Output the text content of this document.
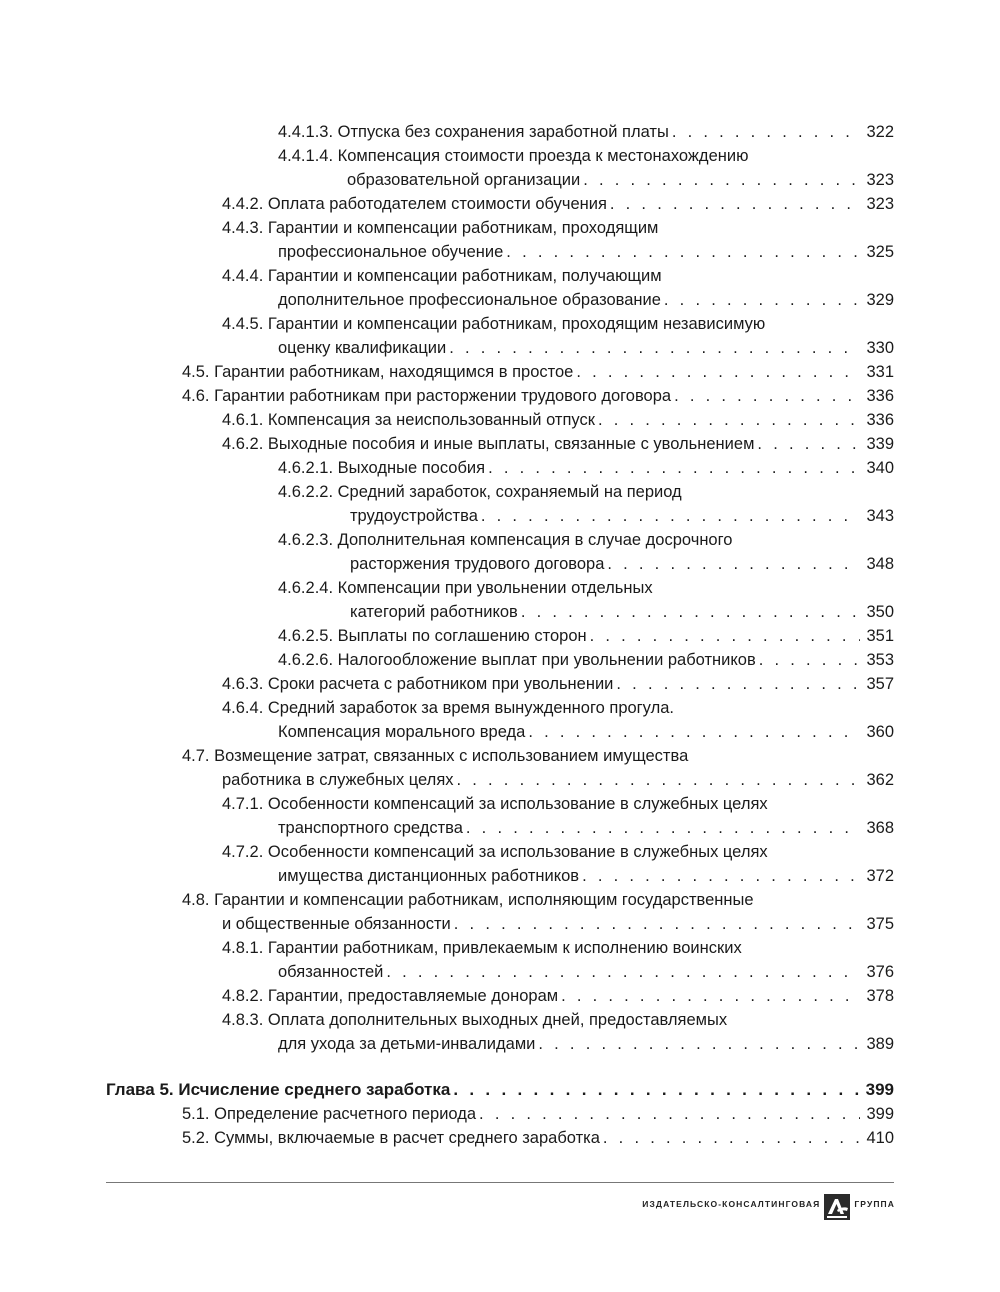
4.4.1.3. Отпуска без сохранения заработной платы . . .	322
4.4.1.4. Компенсация стоимости проезда к местонахождению
образовательной организации . . .	323
4.4.2. Оплата работодателем стоимости обучения . . .	323
4.4.3. Гарантии и компенсации работникам, проходящим
профессиональное обучение . . .	325
4.4.4. Гарантии и компенсации работникам, получающим
дополнительное профессиональное образование . . .	329
4.4.5. Гарантии и компенсации работникам, проходящим независимую
оценку квалификации . . .	330
4.5. Гарантии работникам, находящимся в простое . . .	331
4.6. Гарантии работникам при расторжении трудового договора . . .	336
4.6.1. Компенсация за неиспользованный отпуск . . .	336
4.6.2. Выходные пособия и иные выплаты, связанные с увольнением . . .	339
4.6.2.1. Выходные пособия . . .	340
4.6.2.2. Средний заработок, сохраняемый на период
трудоустройства . . .	343
4.6.2.3. Дополнительная компенсация в случае досрочного
расторжения трудового договора . . .	348
4.6.2.4. Компенсации при увольнении отдельных
категорий работников . . .	350
4.6.2.5. Выплаты по соглашению сторон . . .	351
4.6.2.6. Налогообложение выплат при увольнении работников . . .	353
4.6.3. Сроки расчета с работником при увольнении . . .	357
4.6.4. Средний заработок за время вынужденного прогула.
Компенсация морального вреда . . .	360
4.7. Возмещение затрат, связанных с использованием имущества
работника в служебных целях . . .	362
4.7.1. Особенности компенсаций за использование в служебных целях
транспортного средства . . .	368
4.7.2. Особенности компенсаций за использование в служебных целях
имущества дистанционных работников . . .	372
4.8. Гарантии и компенсации работникам, исполняющим государственные
и общественные обязанности . . .	375
4.8.1. Гарантии работникам, привлекаемым к исполнению воинских
обязанностей . . .	376
4.8.2. Гарантии, предоставляемые донорам . . .	378
4.8.3. Оплата дополнительных выходных дней, предоставляемых
для ухода за детьми-инвалидами . . .	389
Глава 5. Исчисление среднего заработка . . .	399
5.1. Определение расчетного периода . . .	399
5.2. Суммы, включаемые в расчет среднего заработка . . .	410
ИЗДАТЕЛЬСКО-КОНСАЛТИНГОВАЯ	ГРУППА
